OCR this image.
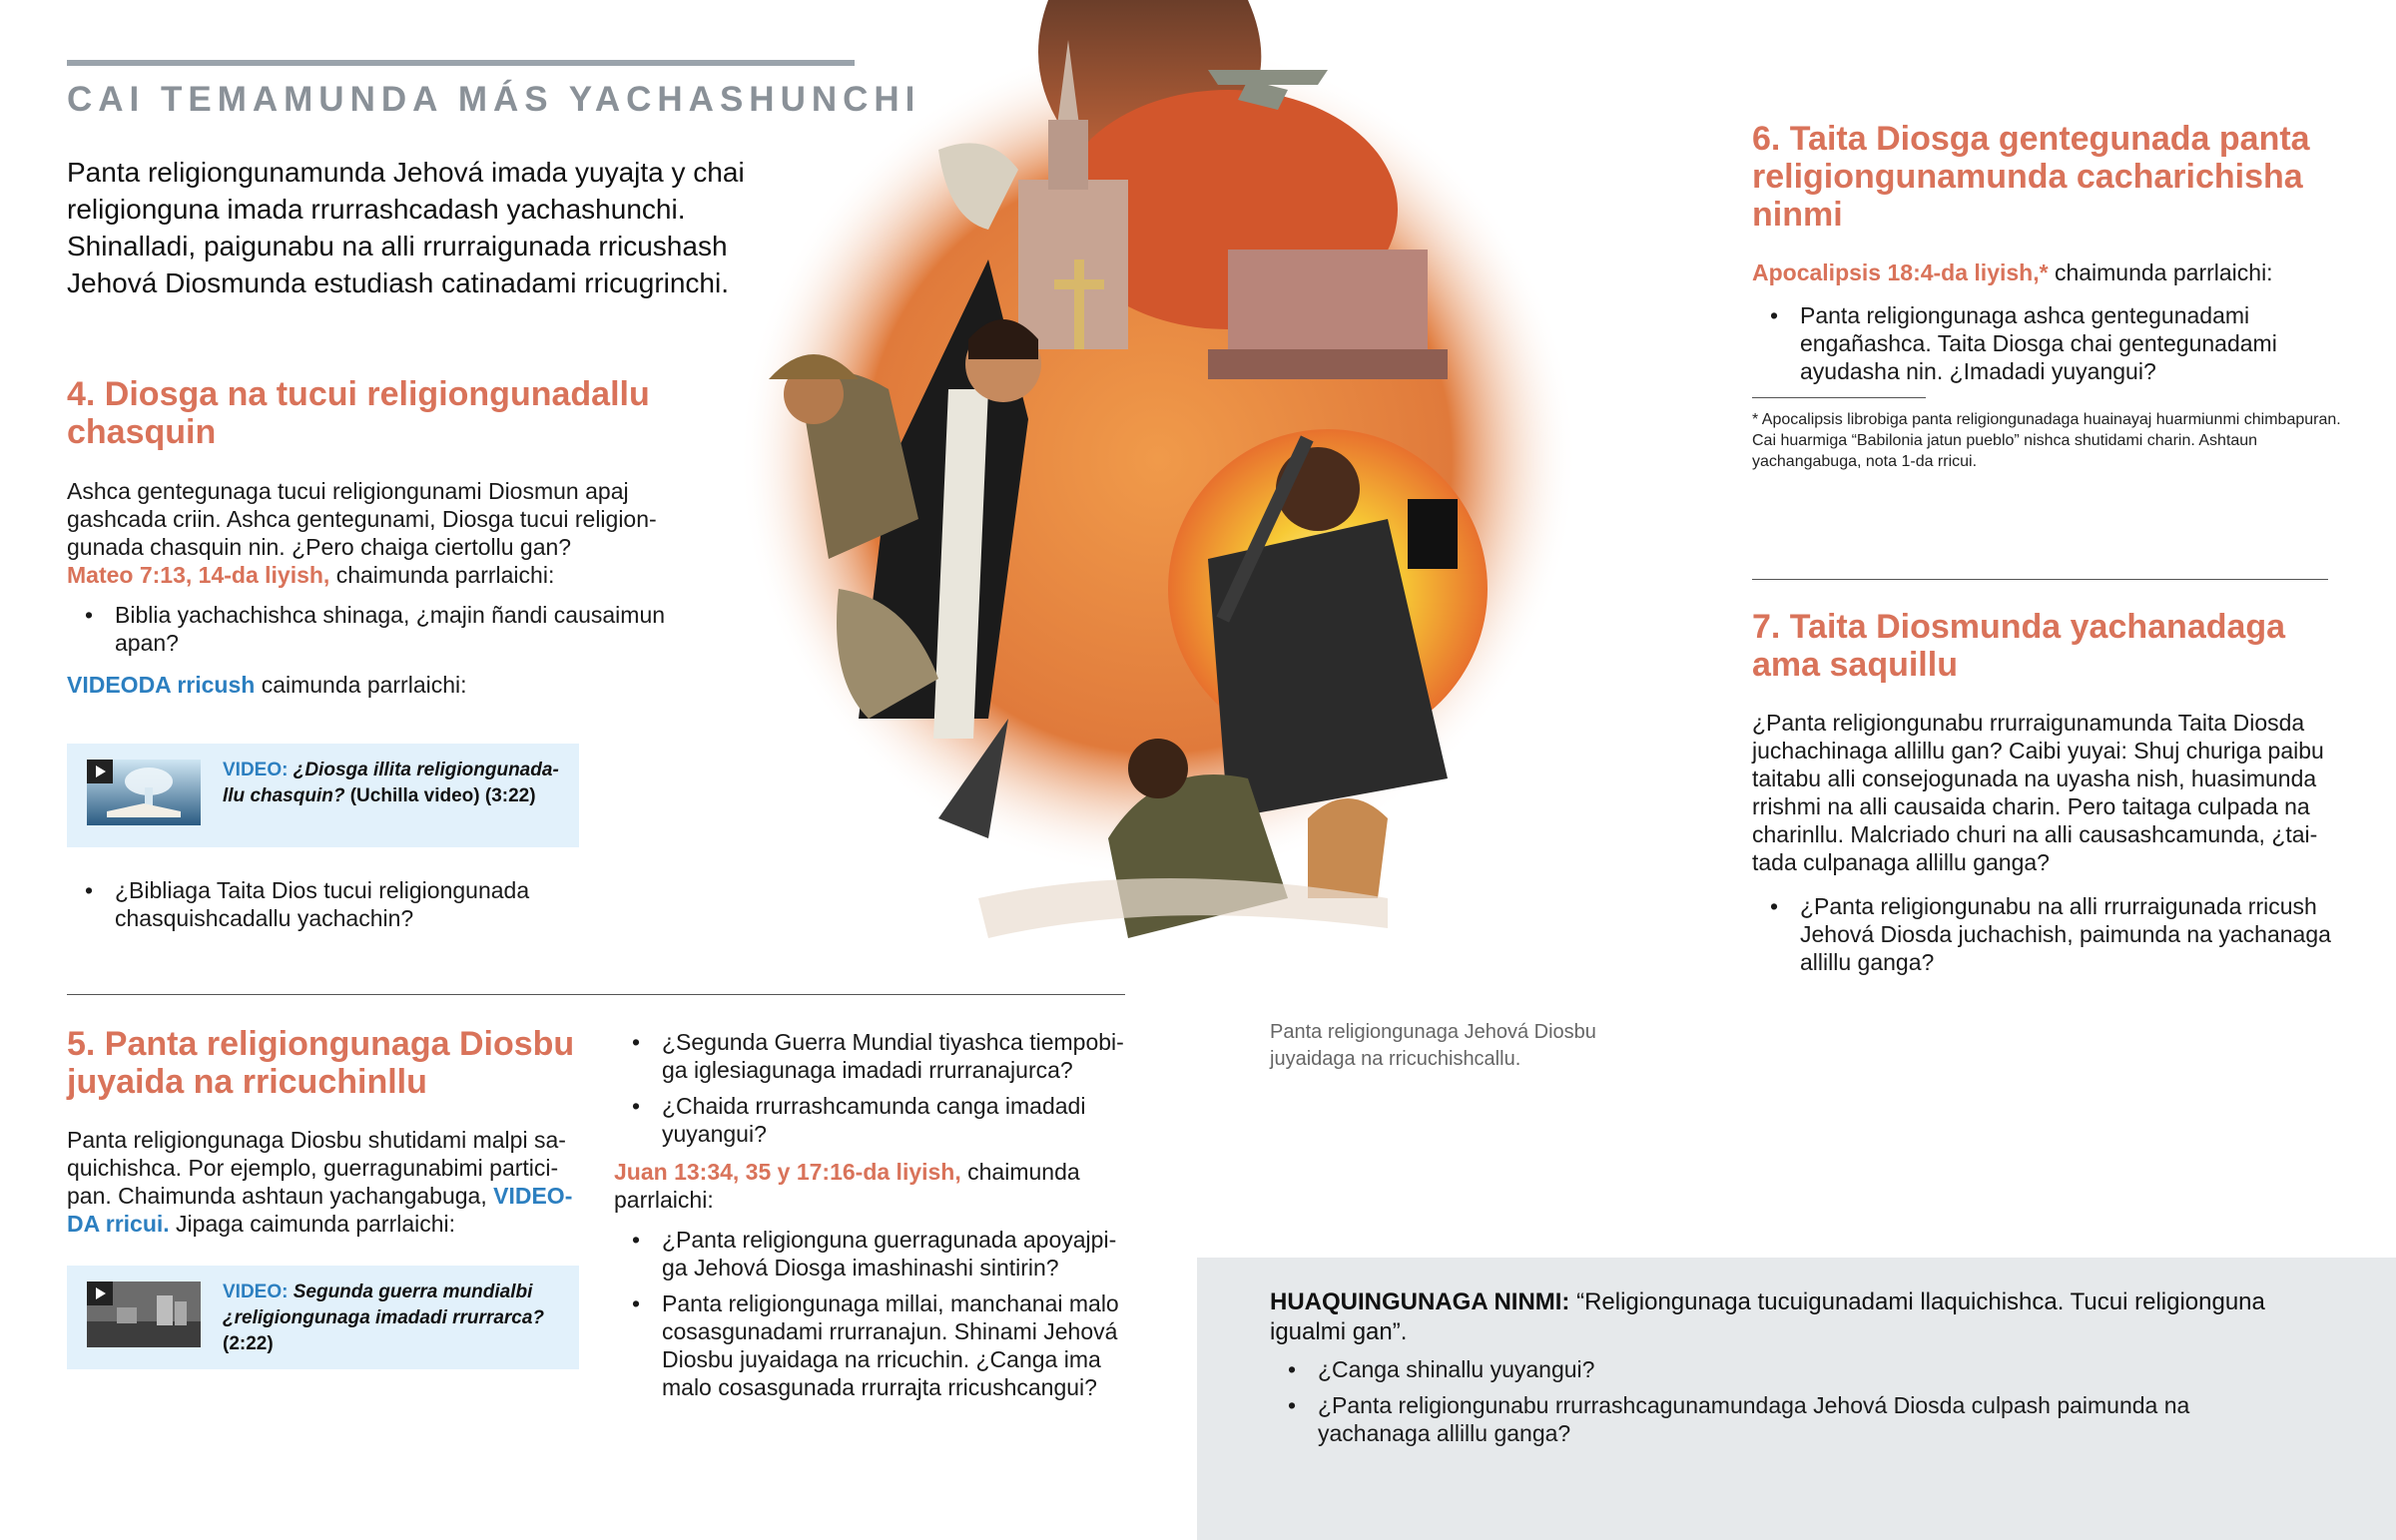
CAI TEMAMUNDA MÁS YACHASHUNCHI
Panta religiongunamunda Jehová imada yuyajta y chai religionguna imada rrurrashcadash yachashunchi. Shinalladi, paigunabu na alli rrurraigunada rricushash Jehová Diosmunda estudiash catinadami rricugrinchi.
4. Diosga na tucui religiongunadallu chasquin
Ashca gentegunaga tucui religiongunami Diosmun apaj gashcada criin. Ashca gentegunami, Diosga tucui religiongunada chasquin nin. ¿Pero chaiga ciertollu gan?
Mateo 7:13, 14-da liyish, chaimunda parrlaichi:
• Biblia yachachishca shinaga, ¿majin ñandi causaimun apan?
VIDEODA rricush caimunda parrlaichi:
VIDEO: ¿Diosga illita religiongunadallu chasquin? (Uchilla video) (3:22)
• ¿Bibliaga Taita Dios tucui religiongunada chasquishcadallu yachachin?
5. Panta religiongunaga Diosbu juyaida na rricuchinllu
Panta religiongunaga Diosbu shutidami malpi saquichishca. Por ejemplo, guerragunabimi participan. Chaimunda ashtaun yachangabuga, VIDEODA rricui. Jipaga caimunda parrlaichi:
VIDEO: Segunda guerra mundialbi ¿religiongunaga imadadi rrurrarca? (2:22)
• ¿Segunda Guerra Mundial tiyashca tiempobiga iglesiagunaga imadadi rrurranajurca?
• ¿Chaida rrurrashcamunda canga imadadi yuyangui?
Juan 13:34, 35 y 17:16-da liyish, chaimunda parrlaichi:
• ¿Panta religionguna guerragunada apoyajpiga Jehová Diosga imashinashi sintirin?
• Panta religiongunaga millai, manchanai malo cosasgunadami rrurranajun. Shinami Jehová Diosbu juyaidaga na rricuchin. ¿Canga ima malo cosasgunada rrurrajta rricushcangui?
Panta religiongunaga Jehová Diosbu juyaidaga na rricuchishcallu.
6. Taita Diosga gentegunada panta religiongunamunda cacharichisha ninmi
Apocalipsis 18:4-da liyish,* chaimunda parrlaichi:
• Panta religiongunaga ashca gentegunadami engañashca. Taita Diosga chai gentegunadami ayudasha nin. ¿Imadadi yuyangui?
* Apocalipsis librobiga panta religiongunadaga huainayaj huarmiunmi chimbapuran. Cai huarmiga “Babilonia jatun pueblo” nishca shutidami charin. Ashtaun yachangabuga, nota 1-da rricui.
7. Taita Diosmunda yachanadaga ama saquillu
¿Panta religiongunabu rrurraigunamunda Taita Diosda juchachinaga allillu gan? Caibi yuyai: Shuj churiga paibu taitabu alli consejogunada na uyasha nish, huasimunda rrishmi na alli causaida charin. Pero taitaga culpada na charinllu. Malcriado churi na alli causashcamunda, ¿taitada culpanaga allillu ganga?
• ¿Panta religiongunabu na alli rrurraigunada rricush Jehová Diosda juchachish, paimunda na yachanaga allillu ganga?
HUAQUINGUNAGA NINMI: “Religiongunaga tucuigunadami llaquichishca. Tucui religionguna igualmi gan”.
• ¿Canga shinallu yuyangui?
• ¿Panta religiongunabu rrurrashcagunamundaga Jehová Diosda culpash paimunda na yachanaga allillu ganga?
